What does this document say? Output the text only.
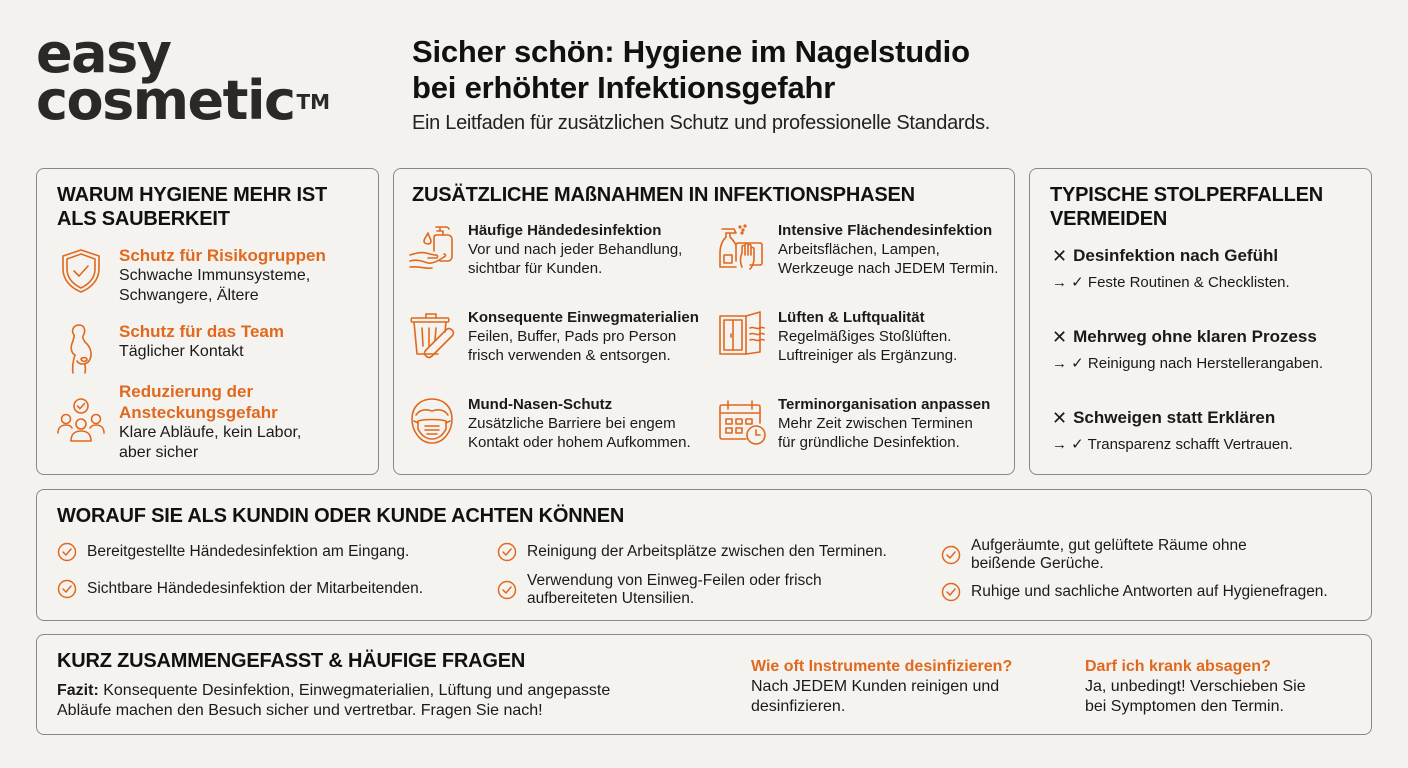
easy
cosmetic ™
Sicher schön: Hygiene im Nagelstudio
bei erhöhter Infektionsgefahr
Ein Leitfaden für zusätzlichen Schutz und professionelle Standards.
WARUM HYGIENE MEHR IST
ALS SAUBERKEIT
Schutz für Risikogruppen
Schwache Immunsysteme,
Schwangere, Ältere
Schutz für das Team
Täglicher Kontakt
Reduzierung der
Ansteckungsgefahr
Klare Abläufe, kein Labor,
aber sicher
ZUSÄTZLICHE MAßNAHMEN IN INFEKTIONSPHASEN
Häufige Händedesinfektion
Vor und nach jeder Behandlung,
sichtbar für Kunden.
Konsequente Einwegmaterialien
Feilen, Buffer, Pads pro Person
frisch verwenden & entsorgen.
Mund-Nasen-Schutz
Zusätzliche Barriere bei engem
Kontakt oder hohem Aufkommen.
Intensive Flächendesinfektion
Arbeitsflächen, Lampen,
Werkzeuge nach JEDEM Termin.
Lüften & Luftqualität
Regelmäßiges Stoßlüften.
Luftreiniger als Ergänzung.
Terminorganisation anpassen
Mehr Zeit zwischen Terminen
für gründliche Desinfektion.
TYPISCHE STOLPERFALLEN
VERMEIDEN
✕ Desinfektion nach Gefühl
→ ✓ Feste Routinen & Checklisten.
✕ Mehrweg ohne klaren Prozess
→ ✓ Reinigung nach Herstellerangaben.
✕ Schweigen statt Erklären
→ ✓ Transparenz schafft Vertrauen.
WORAUF SIE ALS KUNDIN ODER KUNDE ACHTEN KÖNNEN
Bereitgestellte Händedesinfektion am Eingang.
Sichtbare Händedesinfektion der Mitarbeitenden.
Reinigung der Arbeitsplätze zwischen den Terminen.
Verwendung von Einweg-Feilen oder frisch
aufbereiteten Utensilien.
Aufgeräumte, gut gelüftete Räume ohne
beißende Gerüche.
Ruhige und sachliche Antworten auf Hygienefragen.
KURZ ZUSAMMENGEFASST & HÄUFIGE FRAGEN
Fazit: Konsequente Desinfektion, Einwegmaterialien, Lüftung und angepasste
Abläufe machen den Besuch sicher und vertretbar. Fragen Sie nach!
Wie oft Instrumente desinfizieren?
Nach JEDEM Kunden reinigen und
desinfizieren.
Darf ich krank absagen?
Ja, unbedingt! Verschieben Sie
bei Symptomen den Termin.
